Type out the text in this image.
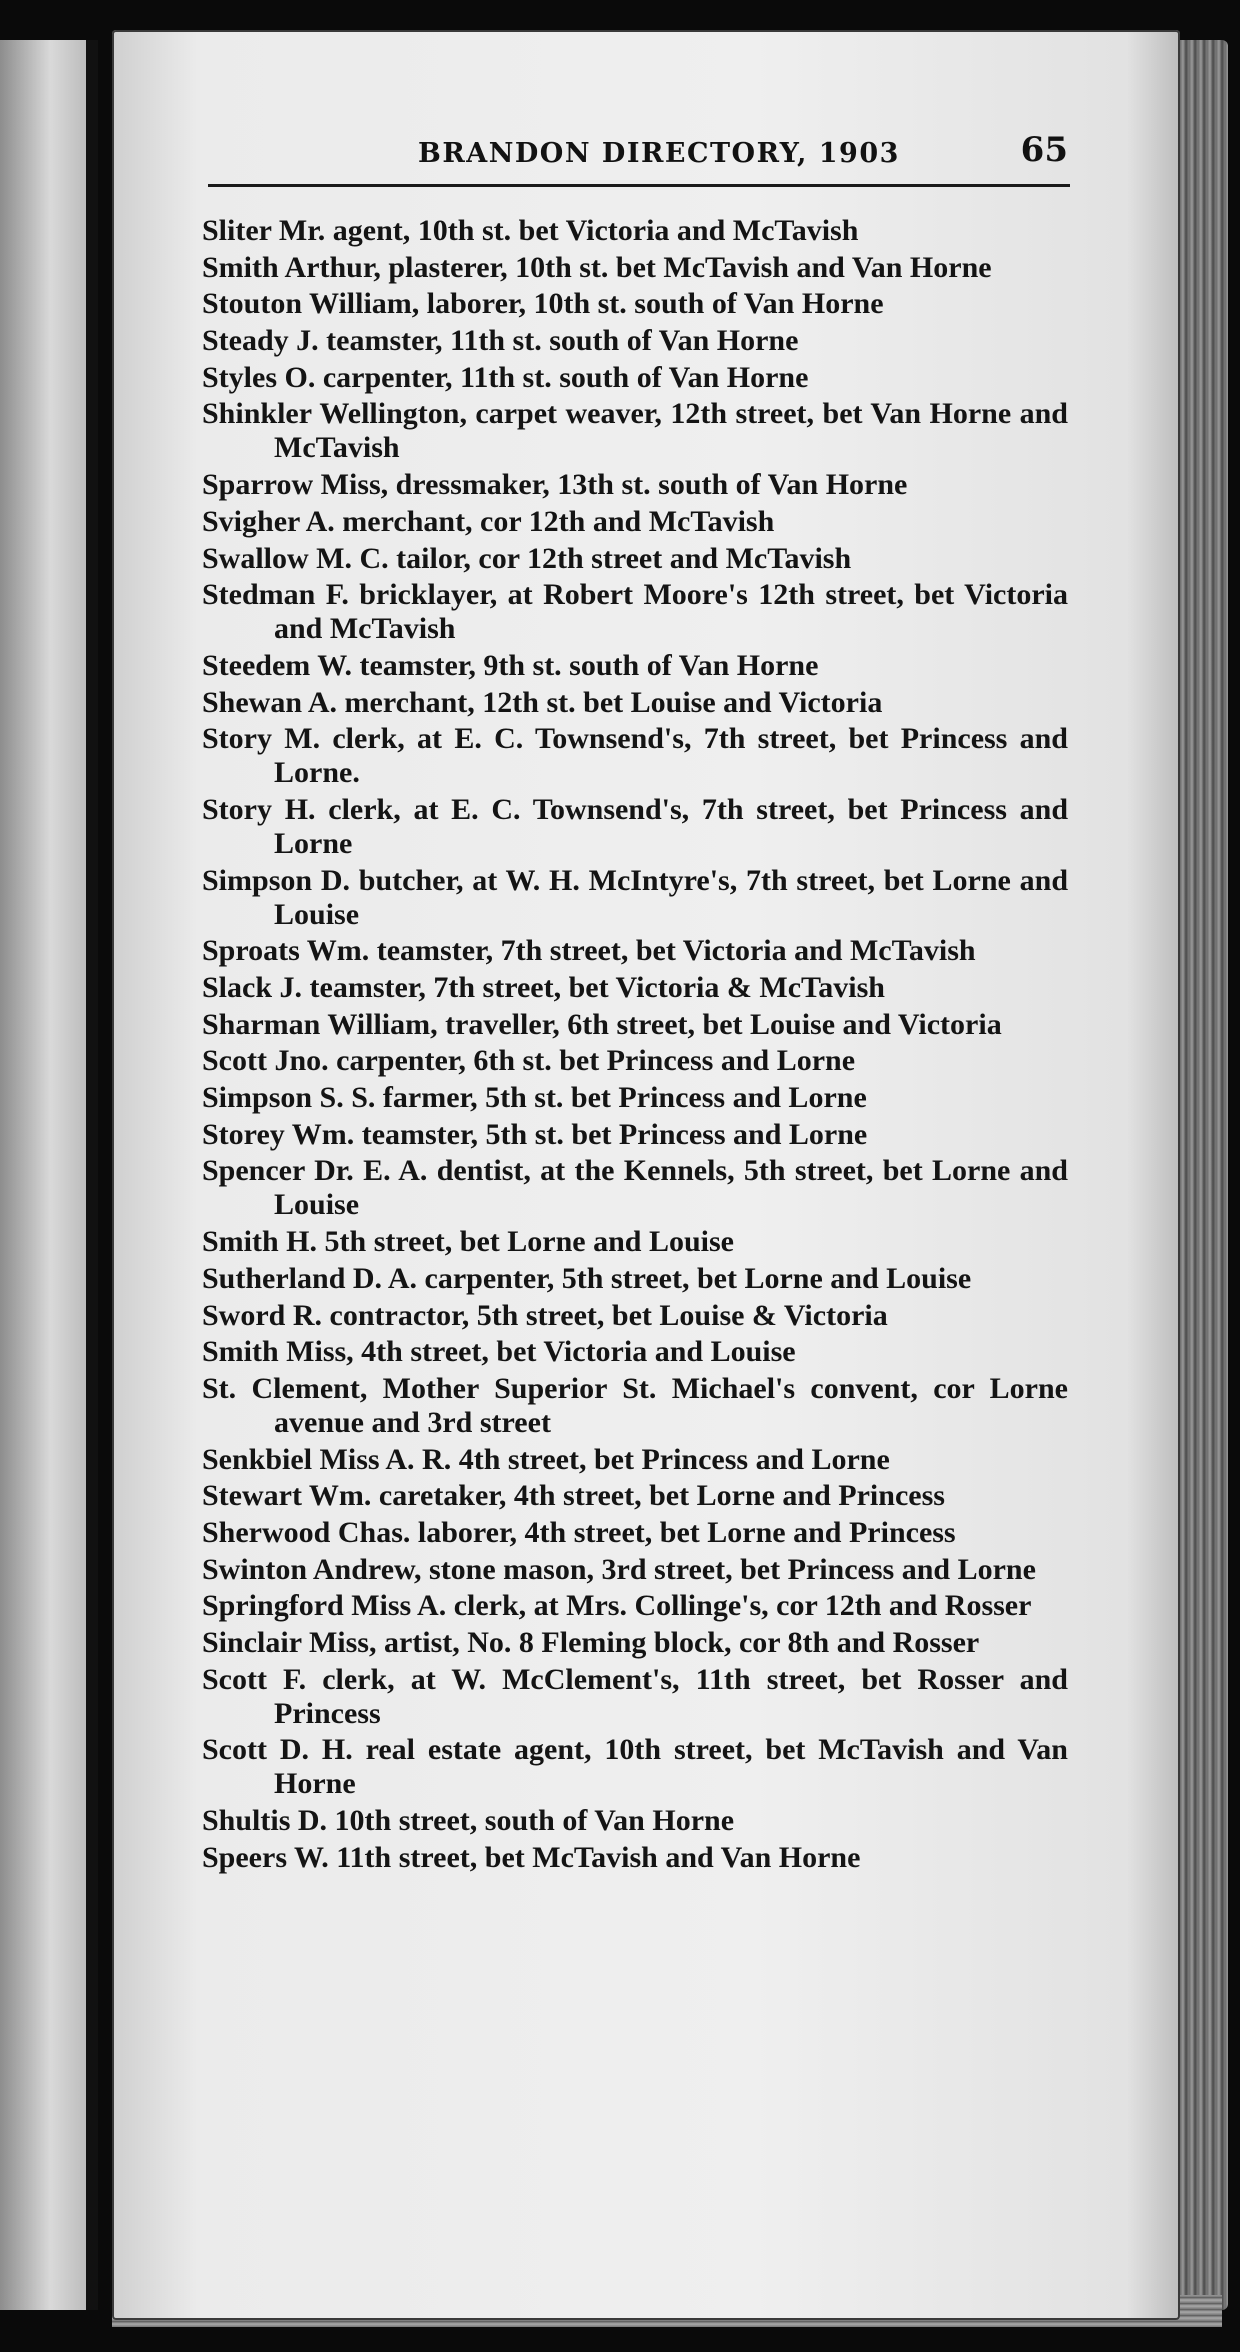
BRANDON DIRECTORY, 1903	65
Sliter Mr. agent, 10th st. bet Victoria and McTavish
Smith Arthur, plasterer, 10th st. bet McTavish and Van Horne
Stouton William, laborer, 10th st. south of Van Horne
Steady J. teamster, 11th st. south of Van Horne
Styles O. carpenter, 11th st. south of Van Horne
Shinkler Wellington, carpet weaver, 12th street, bet Van Horne and McTavish
Sparrow Miss, dressmaker, 13th st. south of Van Horne
Svigher A. merchant, cor 12th and McTavish
Swallow M. C. tailor, cor 12th street and McTavish
Stedman F. bricklayer, at Robert Moore's 12th street, bet Victoria and McTavish
Steedem W. teamster, 9th st. south of Van Horne
Shewan A. merchant, 12th st. bet Louise and Victoria
Story M. clerk, at E. C. Townsend's, 7th street, bet Princess and Lorne.
Story H. clerk, at E. C. Townsend's, 7th street, bet Princess and Lorne
Simpson D. butcher, at W. H. McIntyre's, 7th street, bet Lorne and Louise
Sproats Wm. teamster, 7th street, bet Victoria and McTavish
Slack J. teamster, 7th street, bet Victoria & McTavish
Sharman William, traveller, 6th street, bet Louise and Victoria
Scott Jno. carpenter, 6th st. bet Princess and Lorne
Simpson S. S. farmer, 5th st. bet Princess and Lorne
Storey Wm. teamster, 5th st. bet Princess and Lorne
Spencer Dr. E. A. dentist, at the Kennels, 5th street, bet Lorne and Louise
Smith H. 5th street, bet Lorne and Louise
Sutherland D. A. carpenter, 5th street, bet Lorne and Louise
Sword R. contractor, 5th street, bet Louise & Victoria
Smith Miss, 4th street, bet Victoria and Louise
St. Clement, Mother Superior St. Michael's convent, cor Lorne avenue and 3rd street
Senkbiel Miss A. R. 4th street, bet Princess and Lorne
Stewart Wm. caretaker, 4th street, bet Lorne and Princess
Sherwood Chas. laborer, 4th street, bet Lorne and Princess
Swinton Andrew, stone mason, 3rd street, bet Princess and Lorne
Springford Miss A. clerk, at Mrs. Collinge's, cor 12th and Rosser
Sinclair Miss, artist, No. 8 Fleming block, cor 8th and Rosser
Scott F. clerk, at W. McClement's, 11th street, bet Rosser and Princess
Scott D. H. real estate agent, 10th street, bet McTavish and Van Horne
Shultis D. 10th street, south of Van Horne
Speers W. 11th street, bet McTavish and Van Horne
